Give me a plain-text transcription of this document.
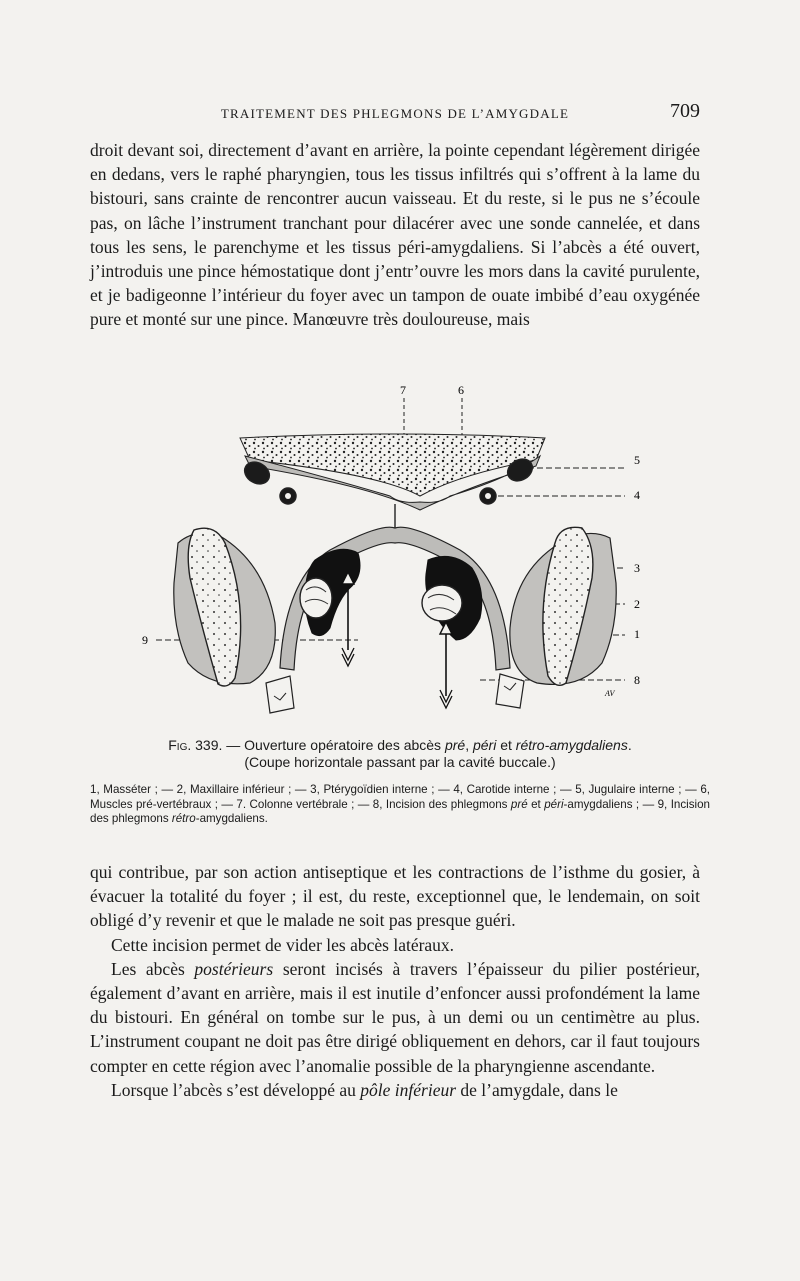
TRAITEMENT DES PHLEGMONS DE L’AMYGDALE	709

droit devant soi, directement d’avant en arrière, la pointe cependant légèrement dirigée en dedans, vers le raphé pharyngien, tous les tissus infiltrés qui s’offrent à la lame du bistouri, sans crainte de rencontrer aucun vaisseau. Et du reste, si le pus ne s’écoule pas, on lâche l’instrument tranchant pour dilacérer avec une sonde cannelée, et dans tous les sens, le parenchyme et les tissus péri-amygdaliens. Si l’abcès a été ouvert, j’introduis une pince hémostatique dont j’entr’ouvre les mors dans la cavité purulente, et je badigeonne l’intérieur du foyer avec un tampon de ouate imbibé d’eau oxygénée pure et monté sur une pince. Manœuvre très douloureuse, mais

7	6
5
4
3
2
1
8
9
AV
Fig. 339. — Ouverture opératoire des abcès pré, péri et rétro-amygdaliens.
(Coupe horizontale passant par la cavité buccale.)
1, Masséter ; — 2, Maxillaire inférieur ; — 3, Ptérygoïdien interne ; — 4, Carotide interne ; — 5, Jugulaire interne ; — 6, Muscles pré-vertébraux ; — 7. Colonne vertébrale ; — 8, Incision des phlegmons pré et péri-amygdaliens ; — 9, Incision des phlegmons rétro-amygdaliens.

qui contribue, par son action antiseptique et les contractions de l’isthme du gosier, à évacuer la totalité du foyer ; il est, du reste, exceptionnel que, le lendemain, on soit obligé d’y revenir et que le malade ne soit pas presque guéri.

Cette incision permet de vider les abcès latéraux.

Les abcès postérieurs seront incisés à travers l’épaisseur du pilier postérieur, également d’avant en arrière, mais il est inutile d’enfoncer aussi profondément la lame du bistouri. En général on tombe sur le pus, à un demi ou un centimètre au plus. L’instrument coupant ne doit pas être dirigé obliquement en dehors, car il faut toujours compter en cette région avec l’anomalie possible de la pharyngienne ascendante.

Lorsque l’abcès s’est développé au pôle inférieur de l’amygdale, dans le
